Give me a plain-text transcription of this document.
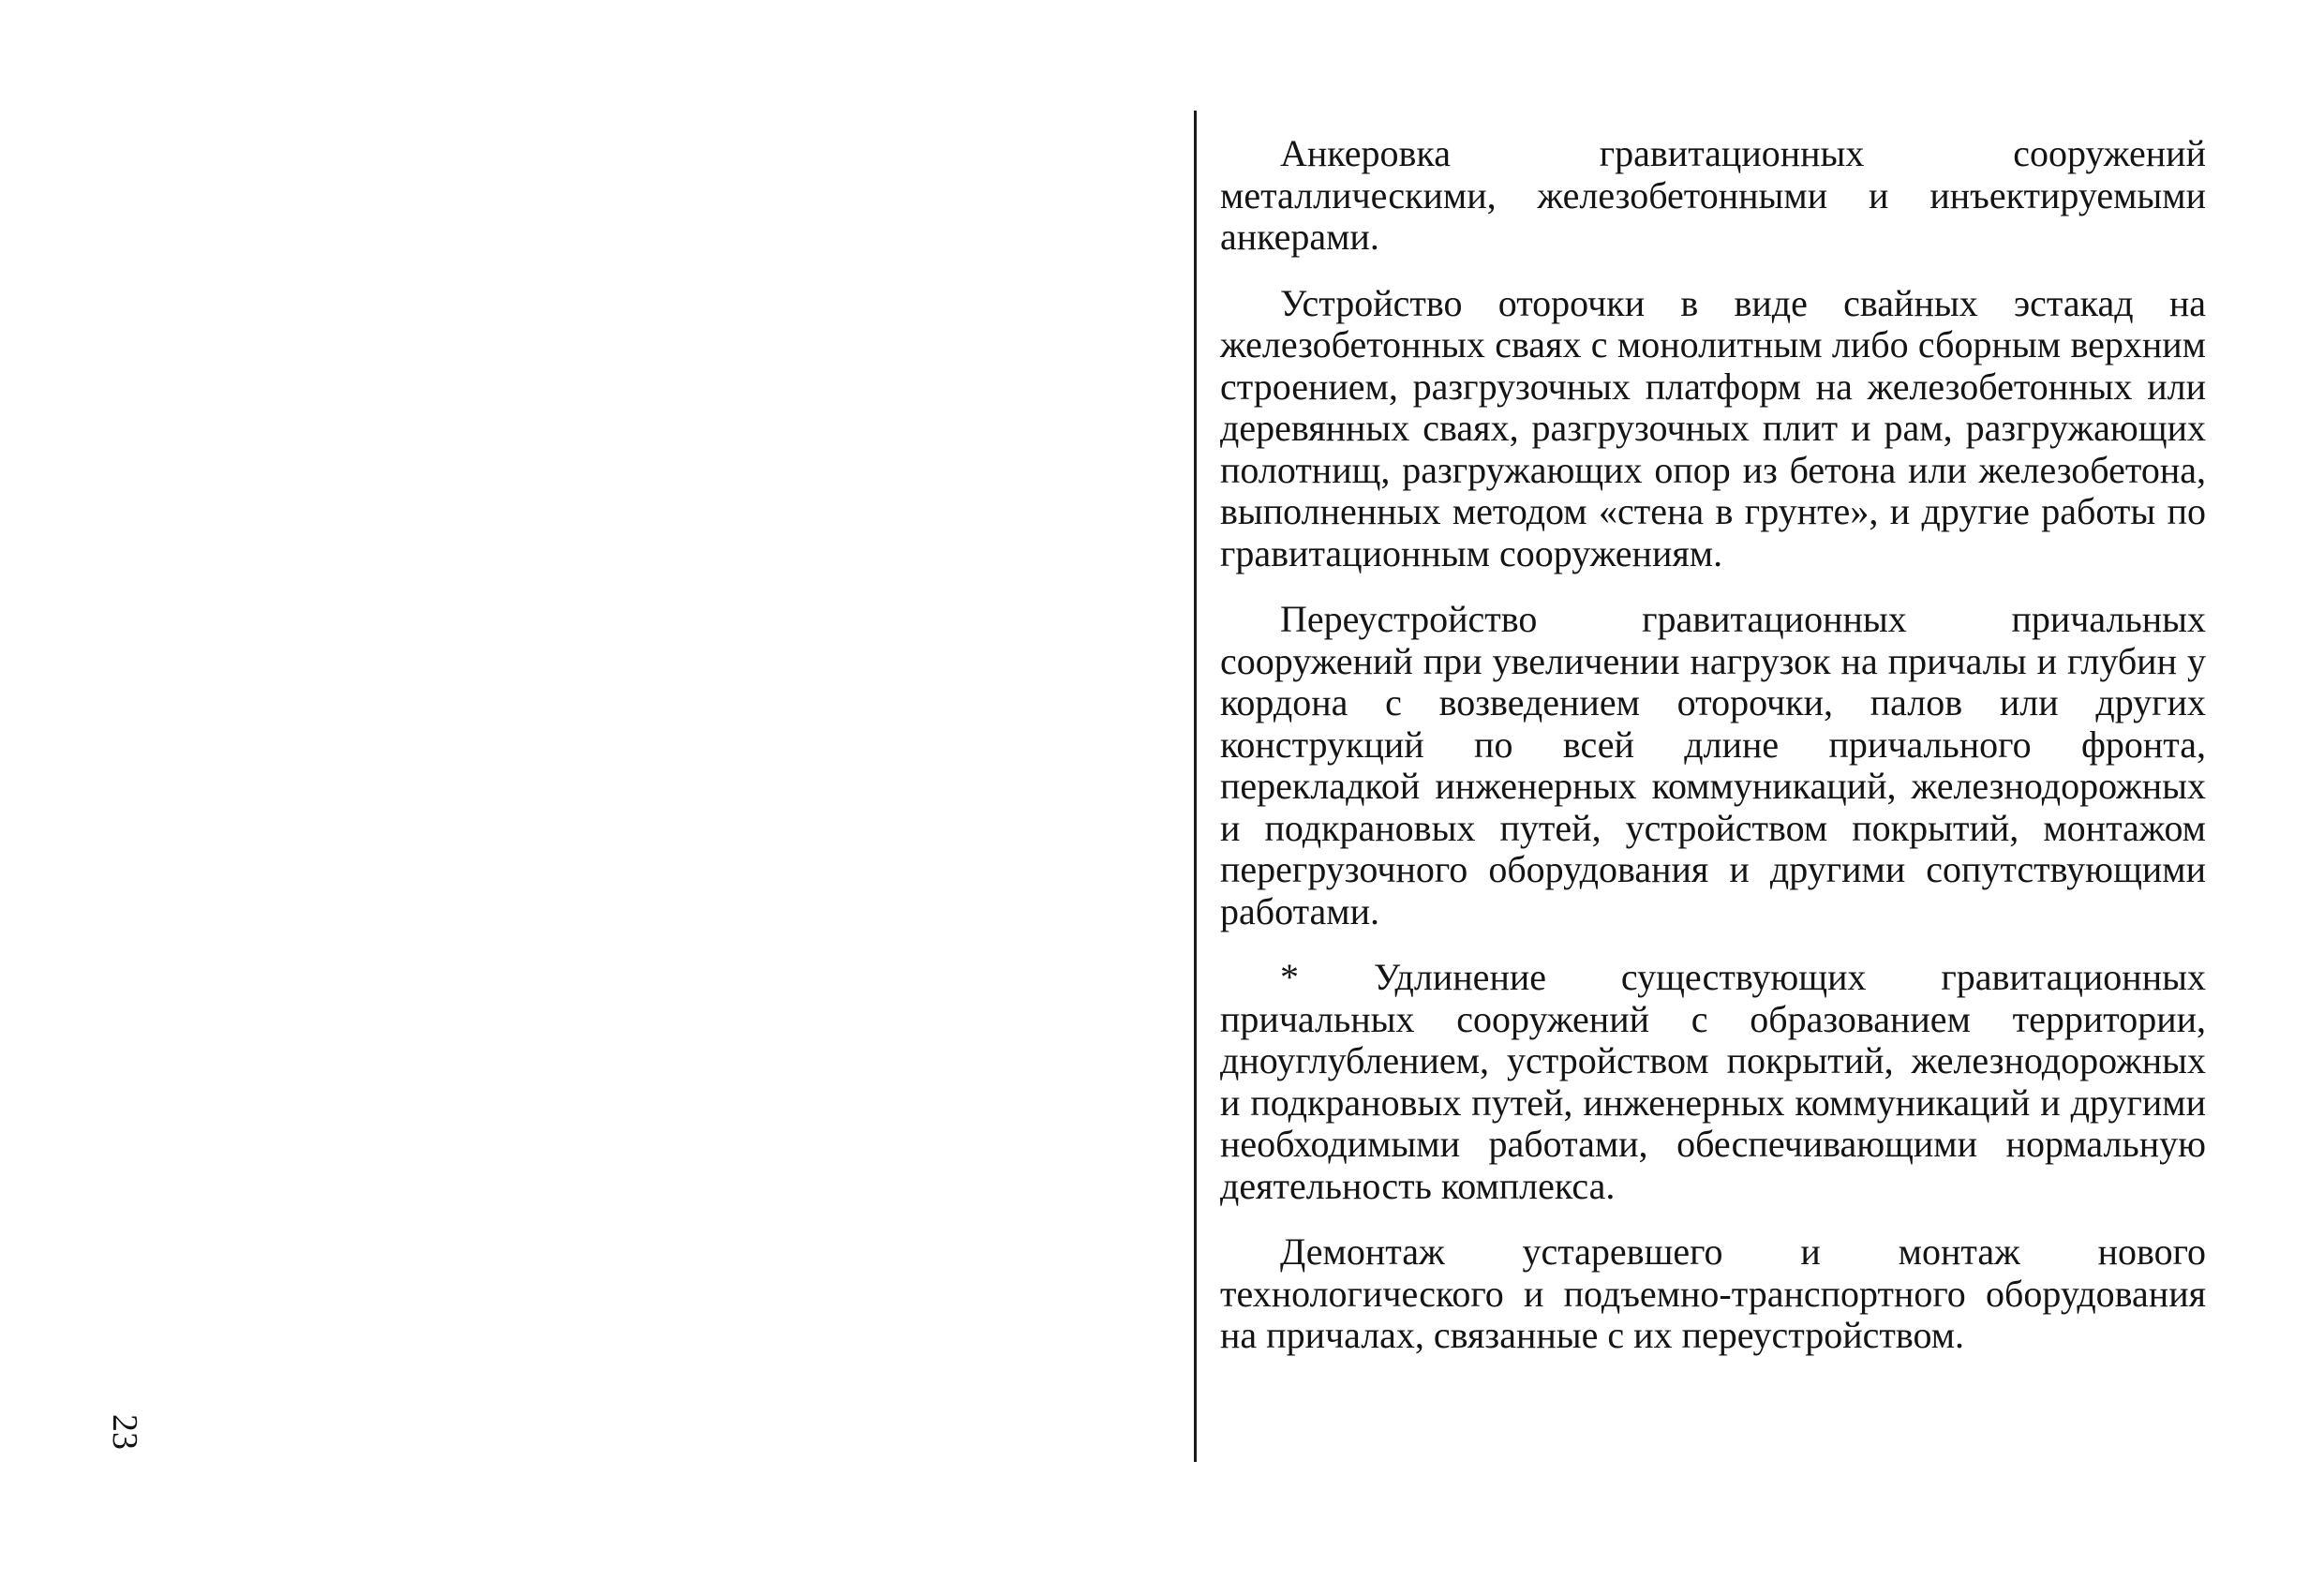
23

Анкеровка гравитационных сооружений металлическими, железобетонными и инъектируемыми анкерами.

Устройство оторочки в виде свайных эстакад на железобетонных сваях с монолитным либо сборным верхним строением, разгрузочных платформ на железобетонных или деревянных сваях, разгрузочных плит и рам, разгружающих полотнищ, разгружающих опор из бетона или железобетона, выполненных методом «стена в грунте», и другие работы по гравитационным сооружениям.

Переустройство гравитационных причальных сооружений при увеличении нагрузок на причалы и глубин у кордона с возведением оторочки, палов или других конструкций по всей длине причального фронта, перекладкой инженерных коммуникаций, железнодорожных и подкрановых путей, устройством покрытий, монтажом перегрузочного оборудования и другими сопутствующими работами.

* Удлинение существующих гравитационных причальных сооружений с образованием территории, дноуглублением, устройством покрытий, железнодорожных и подкрановых путей, инженерных коммуникаций и другими необходимыми работами, обеспечивающими нормальную деятельность комплекса.

Демонтаж устаревшего и монтаж нового технологического и подъемно-транспортного оборудования на причалах, связанные с их переустройством.
